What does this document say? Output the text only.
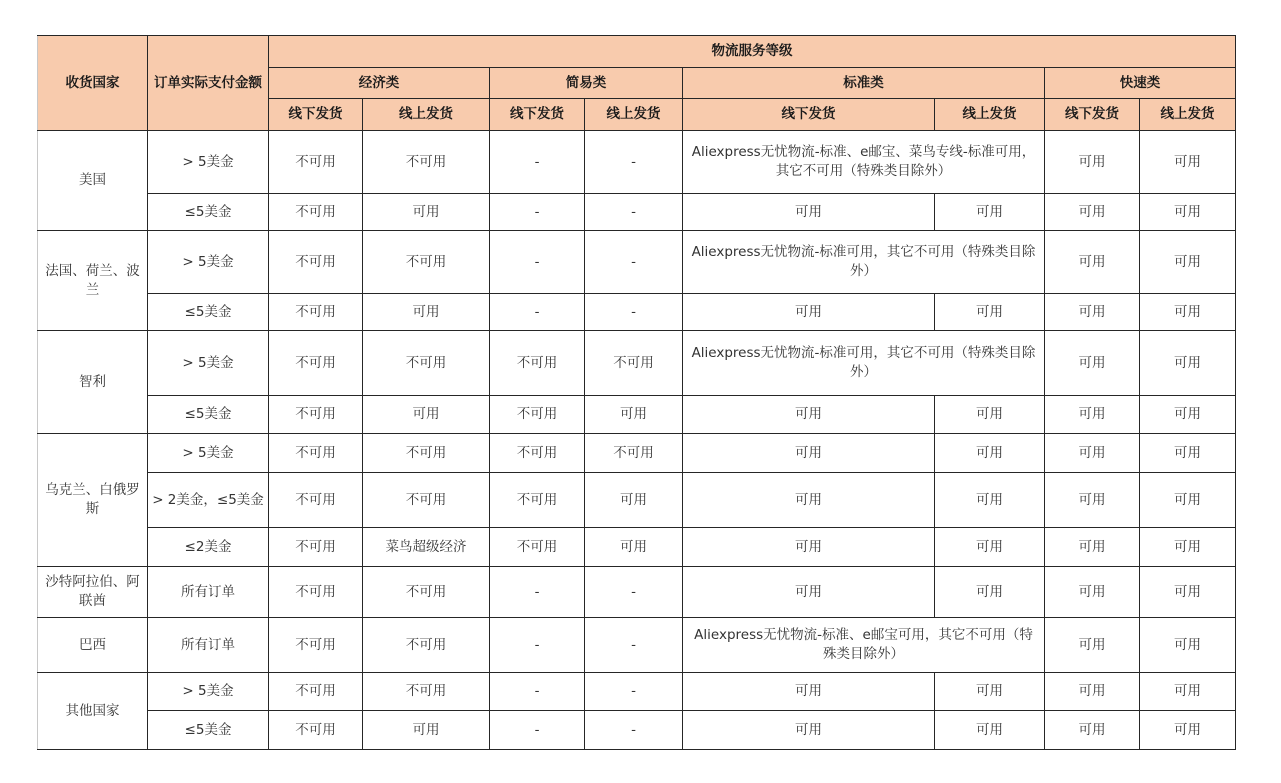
收货国家	订单实际支付金额	物流服务等级							
		经济类		简易类		标准类		快速类	
		线下发货	线上发货	线下发货	线上发货	线下发货	线上发货	线下发货	线上发货
美国	> 5美金	不可用	不可用	-	-	Aliexpress无忧物流-标准、e邮宝、菜鸟专线-标准可用，其它不可用（特殊类目除外）		可用	可用
	≤5美金	不可用	可用	-	-	可用	可用	可用	可用
法国、荷兰、波兰	> 5美金	不可用	不可用	-	-	Aliexpress无忧物流-标准可用，其它不可用（特殊类目除外）		可用	可用
	≤5美金	不可用	可用	-	-	可用	可用	可用	可用
智利	> 5美金	不可用	不可用	不可用	不可用	Aliexpress无忧物流-标准可用，其它不可用（特殊类目除外）		可用	可用
	≤5美金	不可用	可用	不可用	可用	可用	可用	可用	可用
乌克兰、白俄罗斯	> 5美金	不可用	不可用	不可用	不可用	可用	可用	可用	可用
	> 2美金，≤5美金	不可用	不可用	不可用	可用	可用	可用	可用	可用
	≤2美金	不可用	菜鸟超级经济	不可用	可用	可用	可用	可用	可用
沙特阿拉伯、阿联酋	所有订单	不可用	不可用	-	-	可用	可用	可用	可用
巴西	所有订单	不可用	不可用	-	-	Aliexpress无忧物流-标准、e邮宝可用，其它不可用（特殊类目除外）		可用	可用
其他国家	> 5美金	不可用	不可用	-	-	可用	可用	可用	可用
	≤5美金	不可用	可用	-	-	可用	可用	可用	可用
